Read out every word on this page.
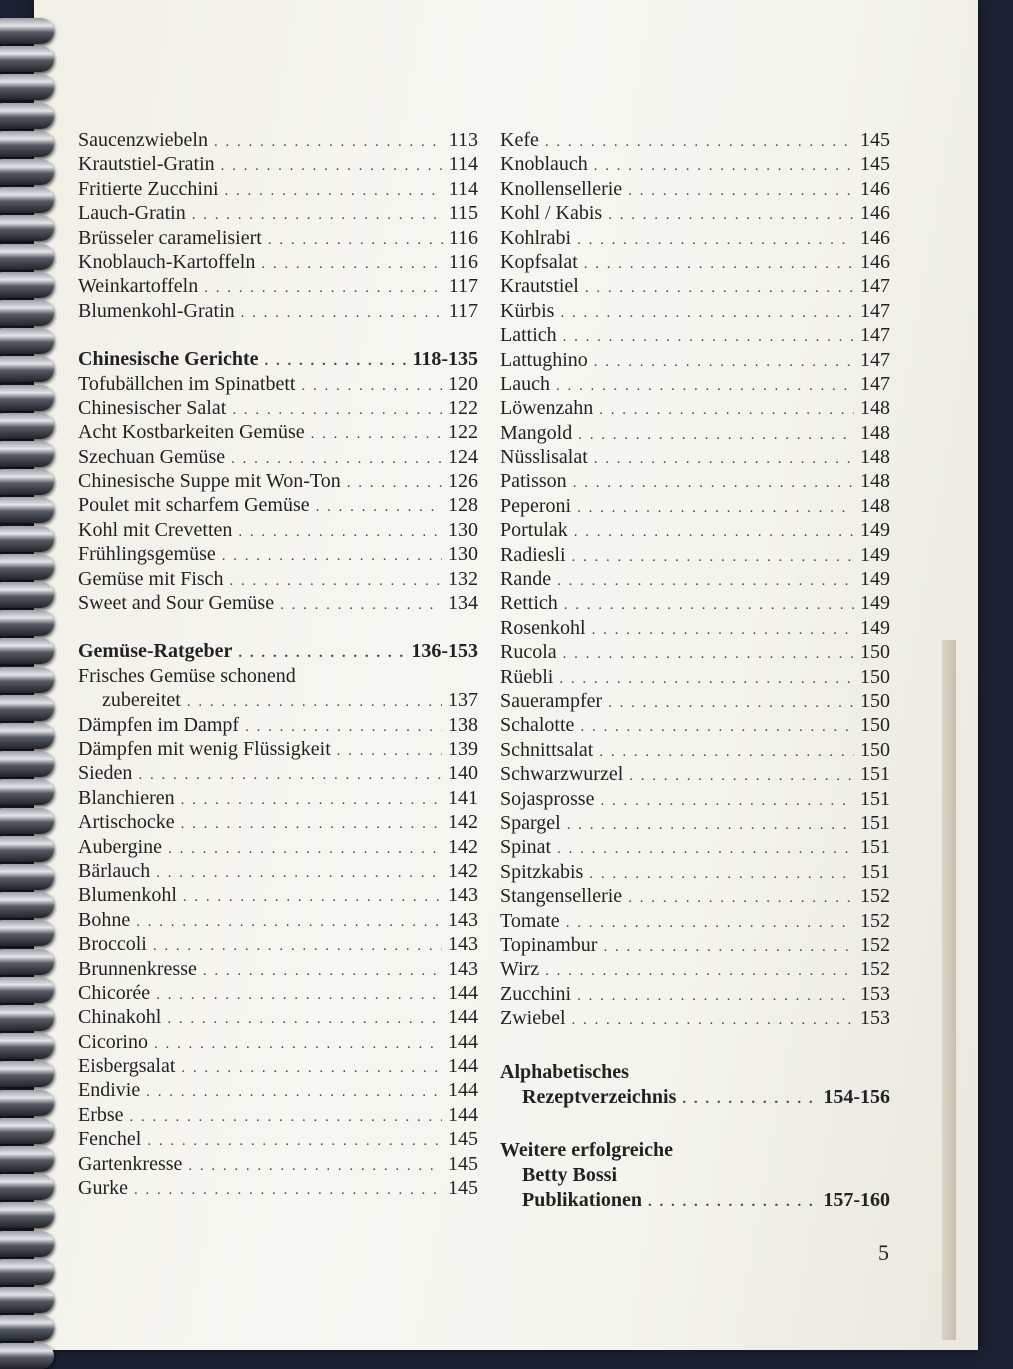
Saucenzwiebeln . . .	113
Krautstiel-Gratin . . .	114
Fritierte Zucchini . . .	114
Lauch-Gratin . . .	115
Brüsseler caramelisiert . . .	116
Knoblauch-Kartoffeln . . .	116
Weinkartoffeln . . .	117
Blumenkohl-Gratin . . .	117
Chinesische Gerichte . . .	118-135
Tofubällchen im Spinatbett . . .	120
Chinesischer Salat . . .	122
Acht Kostbarkeiten Gemüse . . .	122
Szechuan Gemüse . . .	124
Chinesische Suppe mit Won-Ton . . .	126
Poulet mit scharfem Gemüse . . .	128
Kohl mit Crevetten . . .	130
Frühlingsgemüse . . .	130
Gemüse mit Fisch . . .	132
Sweet and Sour Gemüse . . .	134
Gemüse-Ratgeber . . .	136-153
Frisches Gemüse schonend
zubereitet . . .	137
Dämpfen im Dampf . . .	138
Dämpfen mit wenig Flüssigkeit . . .	139
Sieden . . .	140
Blanchieren . . .	141
Artischocke . . .	142
Aubergine . . .	142
Bärlauch . . .	142
Blumenkohl . . .	143
Bohne . . .	143
Broccoli . . .	143
Brunnenkresse . . .	143
Chicorée . . .	144
Chinakohl . . .	144
Cicorino . . .	144
Eisbergsalat . . .	144
Endivie . . .	144
Erbse . . .	144
Fenchel . . .	145
Gartenkresse . . .	145
Gurke . . .	145
Kefe . . .	145
Knoblauch . . .	145
Knollensellerie . . .	146
Kohl / Kabis . . .	146
Kohlrabi . . .	146
Kopfsalat . . .	146
Krautstiel . . .	147
Kürbis . . .	147
Lattich . . .	147
Lattughino . . .	147
Lauch . . .	147
Löwenzahn . . .	148
Mangold . . .	148
Nüsslisalat . . .	148
Patisson . . .	148
Peperoni . . .	148
Portulak . . .	149
Radiesli . . .	149
Rande . . .	149
Rettich . . .	149
Rosenkohl . . .	149
Rucola . . .	150
Rüebli . . .	150
Sauerampfer . . .	150
Schalotte . . .	150
Schnittsalat . . .	150
Schwarzwurzel . . .	151
Sojasprosse . . .	151
Spargel . . .	151
Spinat . . .	151
Spitzkabis . . .	151
Stangensellerie . . .	152
Tomate . . .	152
Topinambur . . .	152
Wirz . . .	152
Zucchini . . .	153
Zwiebel . . .	153
Alphabetisches
Rezeptverzeichnis . . .	154-156
Weitere erfolgreiche
Betty Bossi
Publikationen . . .	157-160
5
